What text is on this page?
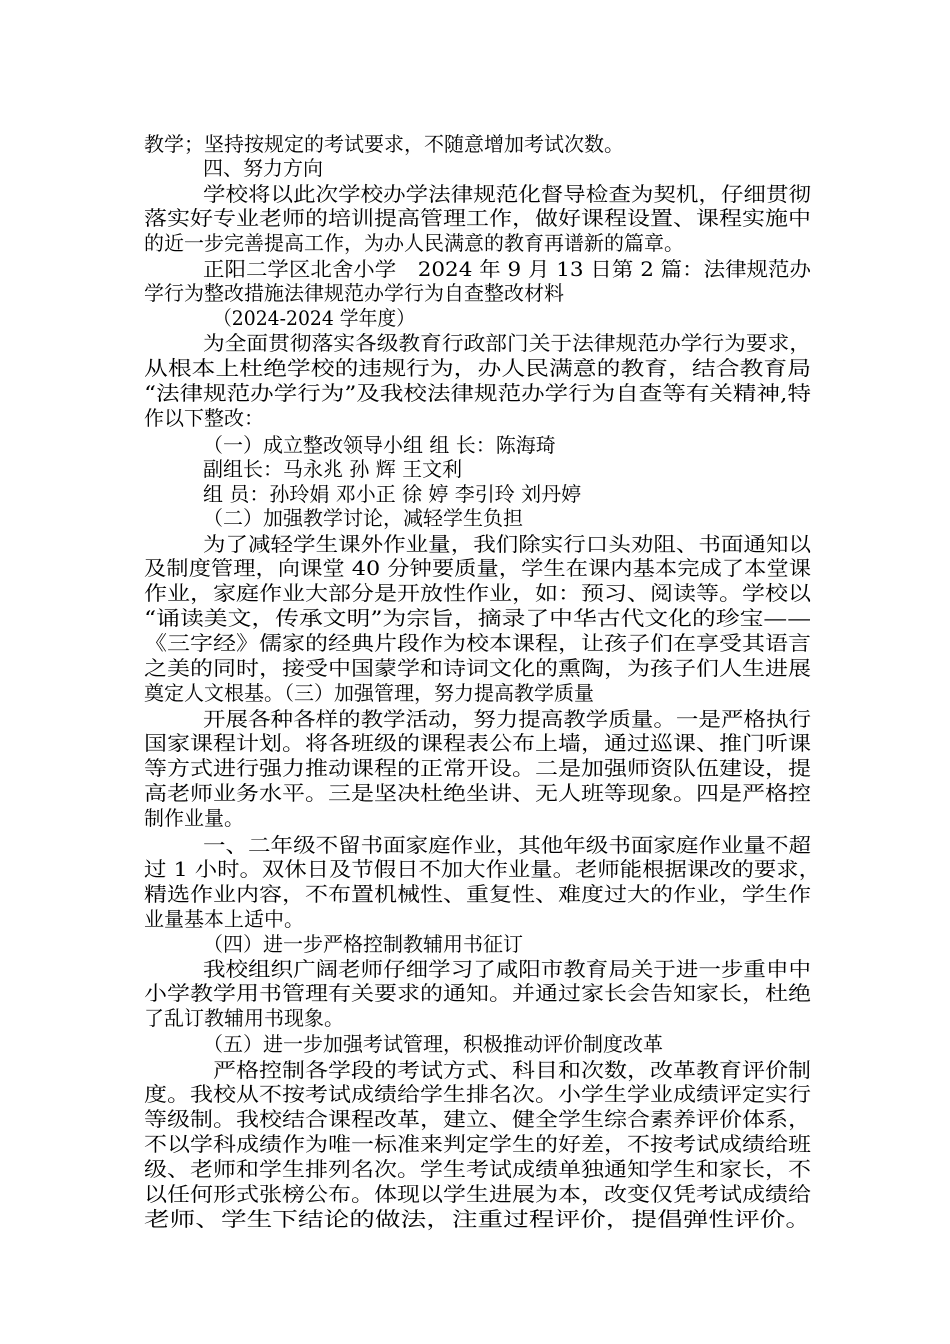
教学；坚持按规定的考试要求，不随意增加考试次数。
四、努力方向
学校将以此次学校办学法律规范化督导检查为契机，仔细贯彻
落实好专业老师的培训提高管理工作，做好课程设置、课程实施中
的近一步完善提高工作，为办人民满意的教育再谱新的篇章。
正阳二学区北舍小学　2024 年 9 月 13 日第 2 篇：法律规范办
学行为整改措施法律规范办学行为自查整改材料
（2024-2024 学年度）
为全面贯彻落实各级教育行政部门关于法律规范办学行为要求，
从根本上杜绝学校的违规行为，办人民满意的教育，结合教育局
“法律规范办学行为”及我校法律规范办学行为自查等有关精神,特
作以下整改：
（一）成立整改领导小组 组 长：陈海琦
副组长：马永兆 孙 辉 王文利
组 员：孙玲娟 邓小正 徐 婷 李引玲 刘丹婷
（二）加强教学讨论，减轻学生负担
为了减轻学生课外作业量，我们除实行口头劝阻、书面通知以
及制度管理，向课堂 40 分钟要质量，学生在课内基本完成了本堂课
作业，家庭作业大部分是开放性作业，如：预习、阅读等。学校以
“诵读美文，传承文明”为宗旨，摘录了中华古代文化的珍宝——
《三字经》儒家的经典片段作为校本课程，让孩子们在享受其语言
之美的同时，接受中国蒙学和诗词文化的熏陶，为孩子们人生进展
奠定人文根基。（三）加强管理，努力提高教学质量
开展各种各样的教学活动，努力提高教学质量。一是严格执行
国家课程计划。将各班级的课程表公布上墙，通过巡课、推门听课
等方式进行强力推动课程的正常开设。二是加强师资队伍建设，提
高老师业务水平。三是坚决杜绝坐讲、无人班等现象。四是严格控
制作业量。
一、二年级不留书面家庭作业，其他年级书面家庭作业量不超
过 1 小时。双休日及节假日不加大作业量。老师能根据课改的要求，
精选作业内容，不布置机械性、重复性、难度过大的作业，学生作
业量基本上适中。
（四）进一步严格控制教辅用书征订
我校组织广阔老师仔细学习了咸阳市教育局关于进一步重申中
小学教学用书管理有关要求的通知。并通过家长会告知家长，杜绝
了乱订教辅用书现象。
（五）进一步加强考试管理，积极推动评价制度改革
严格控制各学段的考试方式、科目和次数，改革教育评价制
度。我校从不按考试成绩给学生排名次。小学生学业成绩评定实行
等级制。我校结合课程改革，建立、健全学生综合素养评价体系，
不以学科成绩作为唯一标准来判定学生的好差，不按考试成绩给班
级、老师和学生排列名次。学生考试成绩单独通知学生和家长，不
以任何形式张榜公布。体现以学生进展为本，改变仅凭考试成绩给
老师、学生下结论的做法，注重过程评价，提倡弹性评价。
